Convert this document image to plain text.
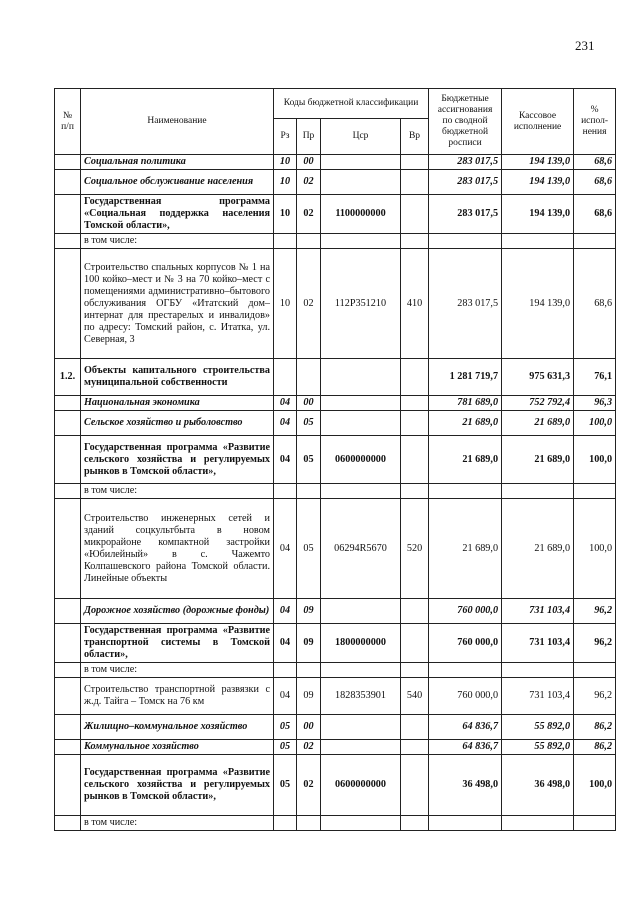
231
№ п/п	Наименование	Коды бюджетной классификации				Бюджетные ассигнования по сводной бюджетной росписи	Кассовое исполнение	% испол-нения
		Рз	Пр	Цср	Вр			
	Социальная политика	10	00			283 017,5	194 139,0	68,6
	Социальное обслуживание населения	10	02			283 017,5	194 139,0	68,6
	Государственная программа «Социальная поддержка населения Томской области»,	10	02	1100000000		283 017,5	194 139,0	68,6
	в том числе:							
	Строительство спальных корпусов № 1 на 100 койко–мест и № 3 на 70 койко–мест с помещениями административно–бытового обслуживания ОГБУ «Итатский дом–интернат для престарелых и инвалидов» по адресу: Томский район, с. Итатка, ул. Северная, 3	10	02	112Р351210	410	283 017,5	194 139,0	68,6
1.2.	Объекты капитального строительства муниципальной собственности					1 281 719,7	975 631,3	76,1
	Национальная экономика	04	00			781 689,0	752 792,4	96,3
	Сельское хозяйство и рыболовство	04	05			21 689,0	21 689,0	100,0
	Государственная программа «Развитие сельского хозяйства и регулируемых рынков в Томской области»,	04	05	0600000000		21 689,0	21 689,0	100,0
	в том числе:							
	Строительство инженерных сетей и зданий соцкультбыта в новом микрорайоне компактной застройки «Юбилейный» в с. Чажемто Колпашевского района Томской области. Линейные объекты	04	05	06294R5670	520	21 689,0	21 689,0	100,0
	Дорожное хозяйство (дорожные фонды)	04	09			760 000,0	731 103,4	96,2
	Государственная программа «Развитие транспортной системы в Томской области»,	04	09	1800000000		760 000,0	731 103,4	96,2
	в том числе:							
	Строительство транспортной развязки с ж.д. Тайга – Томск на 76 км	04	09	1828353901	540	760 000,0	731 103,4	96,2
	Жилищно–коммунальное хозяйство	05	00			64 836,7	55 892,0	86,2
	Коммунальное хозяйство	05	02			64 836,7	55 892,0	86,2
	Государственная программа «Развитие сельского хозяйства и регулируемых рынков в Томской области»,	05	02	0600000000		36 498,0	36 498,0	100,0
	в том числе:							
